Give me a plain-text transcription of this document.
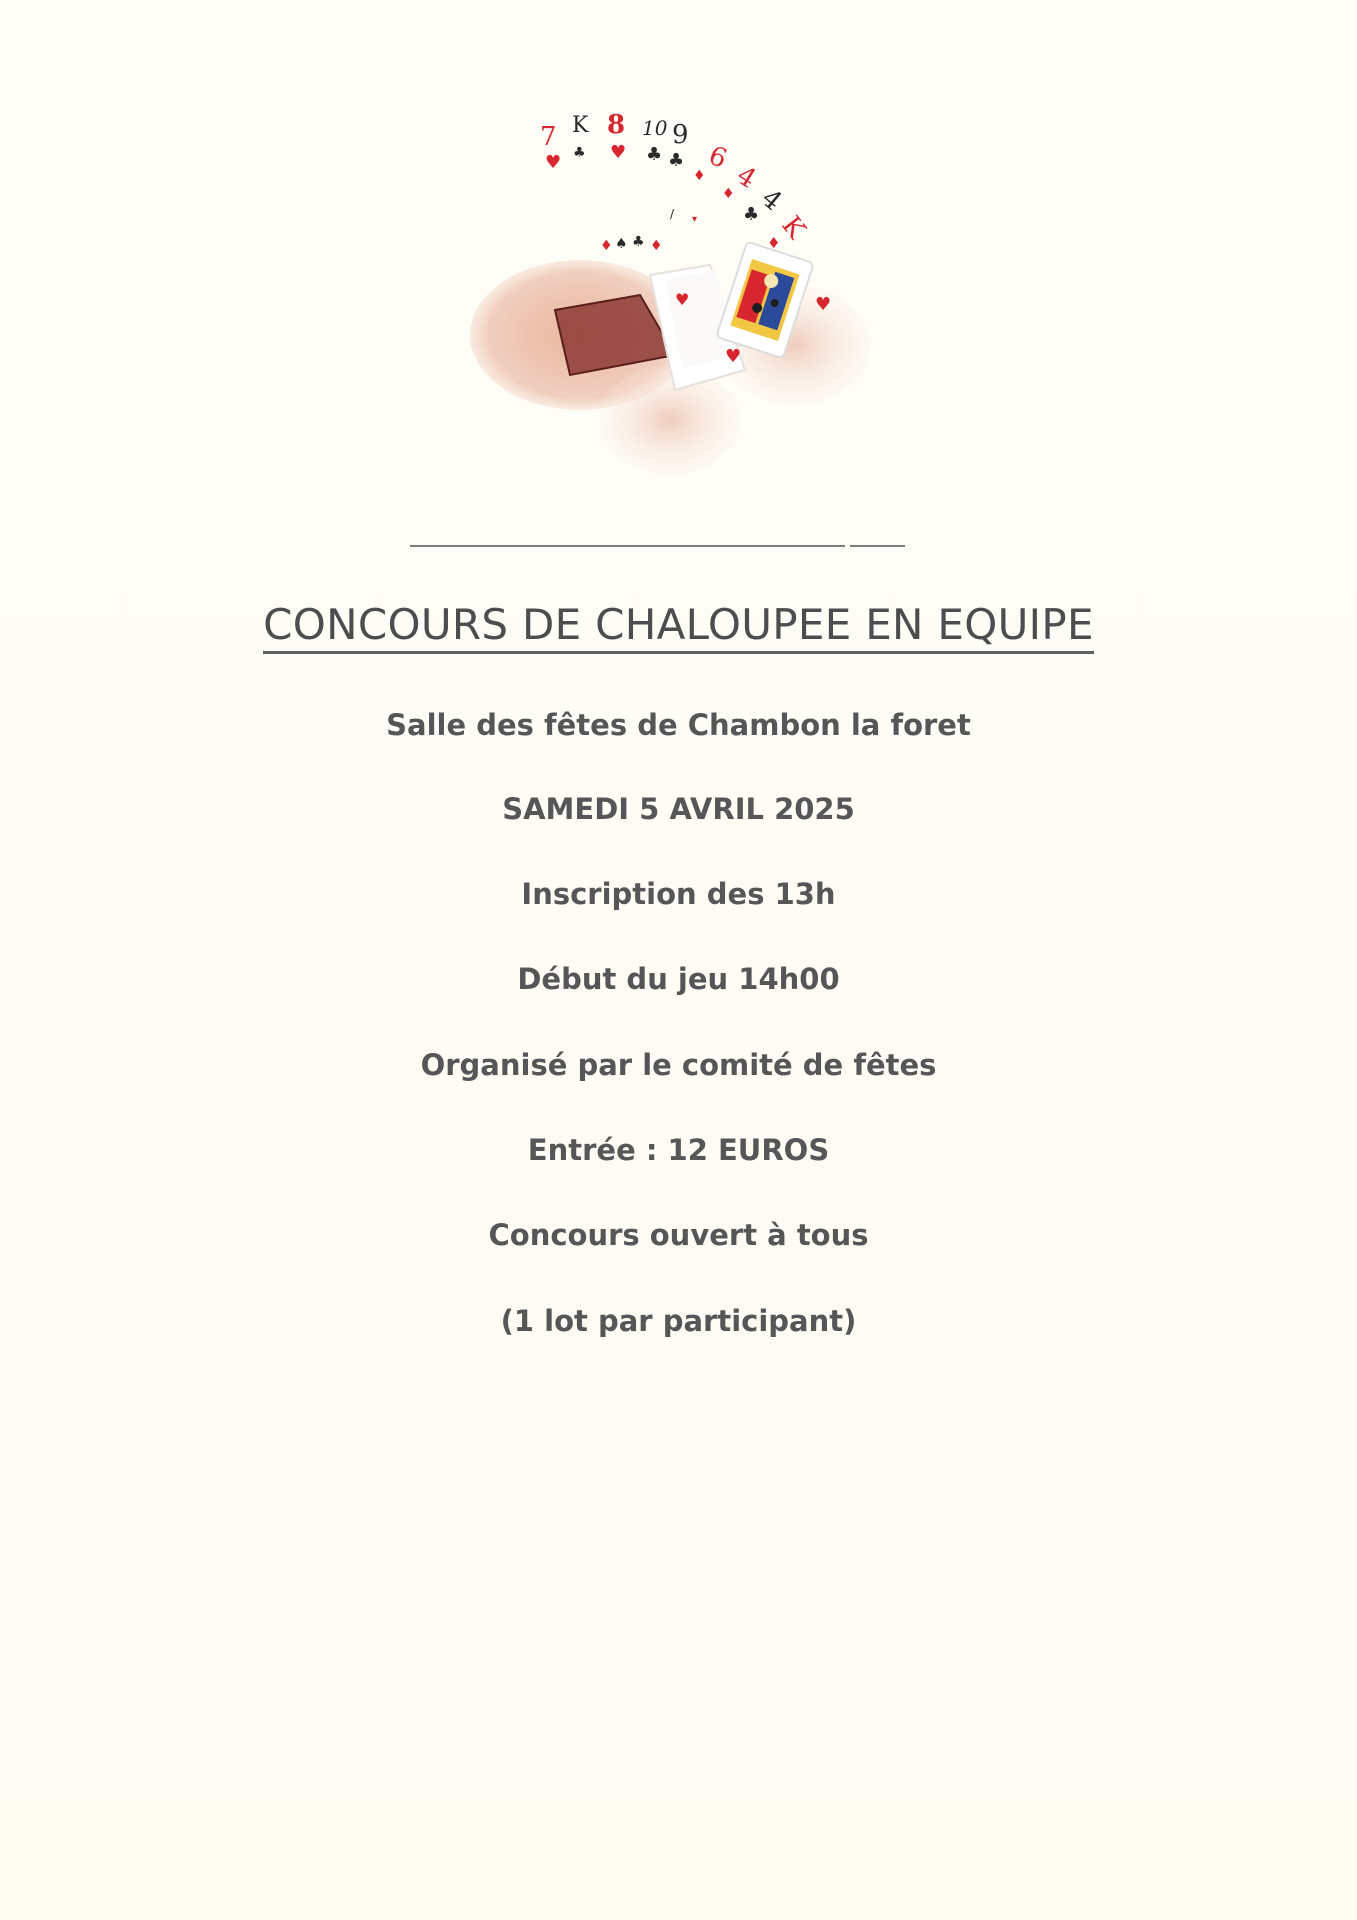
7 K 8 10 9
6
4
4
K
♥ ♣ ♥ ♣ ♣
♦
♦
♣
♦
♦ ♠ ♣ ♦
/ ▾
♥	♥
♥
CONCOURS DE CHALOUPEE EN EQUIPE
Salle des fêtes de Chambon la foret
SAMEDI 5 AVRIL 2025
Inscription des 13h
Début du jeu 14h00
Organisé par le comité de fêtes
Entrée : 12 EUROS
Concours ouvert à tous
(1 lot par participant)
